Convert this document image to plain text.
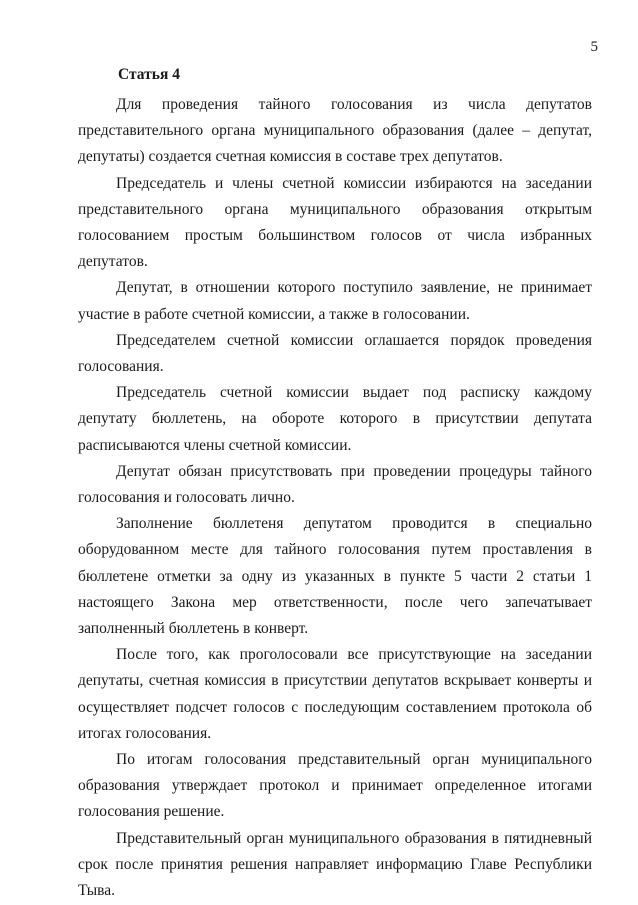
5
Статья 4

Для проведения тайного голосования из числа депутатов представительного органа муниципального образования (далее – депутат, депутаты) создается счетная комиссия в составе трех депутатов.

Председатель и члены счетной комиссии избираются на заседании представительного органа муниципального образования открытым голосованием простым большинством голосов от числа избранных депутатов.

Депутат, в отношении которого поступило заявление, не принимает участие в работе счетной комиссии, а также в голосовании.

Председателем счетной комиссии оглашается порядок проведения голосования.

Председатель счетной комиссии выдает под расписку каждому депутату бюллетень, на обороте которого в присутствии депутата расписываются члены счетной комиссии.

Депутат обязан присутствовать при проведении процедуры тайного голосования и голосовать лично.

Заполнение бюллетеня депутатом проводится в специально оборудованном месте для тайного голосования путем проставления в бюллетене отметки за одну из указанных в пункте 5 части 2 статьи 1 настоящего Закона мер ответственности, после чего запечатывает заполненный бюллетень в конверт.

После того, как проголосовали все присутствующие на заседании депутаты, счетная комиссия в присутствии депутатов вскрывает конверты и осуществляет подсчет голосов с последующим составлением протокола об итогах голосования.

По итогам голосования представительный орган муниципального образования утверждает протокол и принимает определенное итогами голосования решение.

Представительный орган муниципального образования в пятидневный срок после принятия решения направляет информацию Главе Республики Тыва.
